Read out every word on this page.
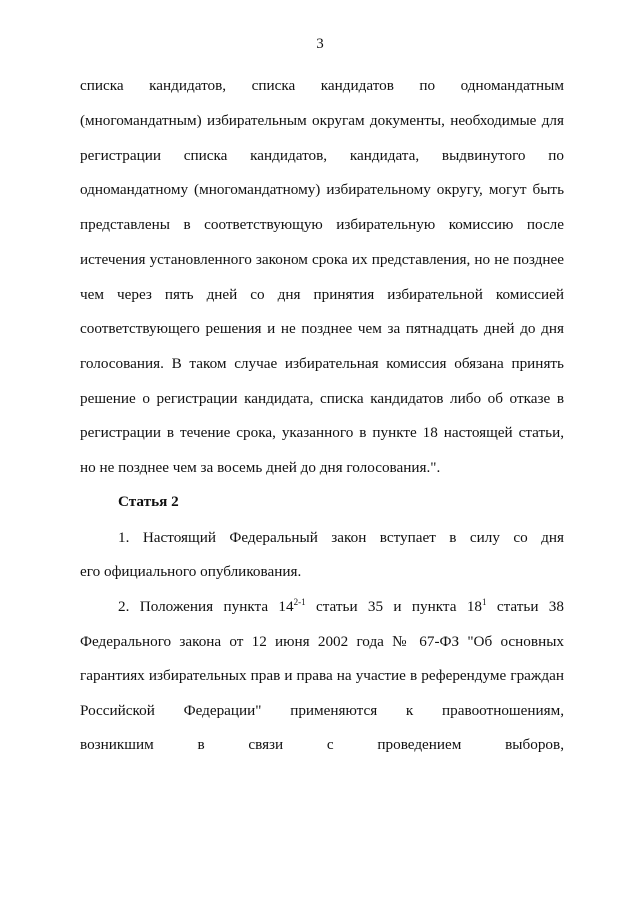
3
списка кандидатов, списка кандидатов по одномандатным
(многомандатным) избирательным округам документы, необходимые для
регистрации списка кандидатов, кандидата, выдвинутого по
одномандатному (многомандатному) избирательному округу, могут быть
представлены в соответствующую избирательную комиссию после
истечения установленного законом срока их представления, но не позднее
чем через пять дней со дня принятия избирательной комиссией
соответствующего решения и не позднее чем за пятнадцать дней до дня
голосования. В таком случае избирательная комиссия обязана принять
решение о регистрации кандидата, списка кандидатов либо об отказе в
регистрации в течение срока, указанного в пункте 18 настоящей статьи,
но не позднее чем за восемь дней до дня голосования.".
Статья 2
1. Настоящий Федеральный закон вступает в силу со дня
его официального опубликования.
2. Положения пункта 14$^{2-1}$ статьи 35 и пункта $18^1$ статьи 38
Федерального закона от 12 июня 2002 года № 67-ФЗ "Об основных
гарантиях избирательных прав и права на участие в референдуме граждан
Российской Федерации" применяются к правоотношениям,
возникшим в связи с проведением выборов,
